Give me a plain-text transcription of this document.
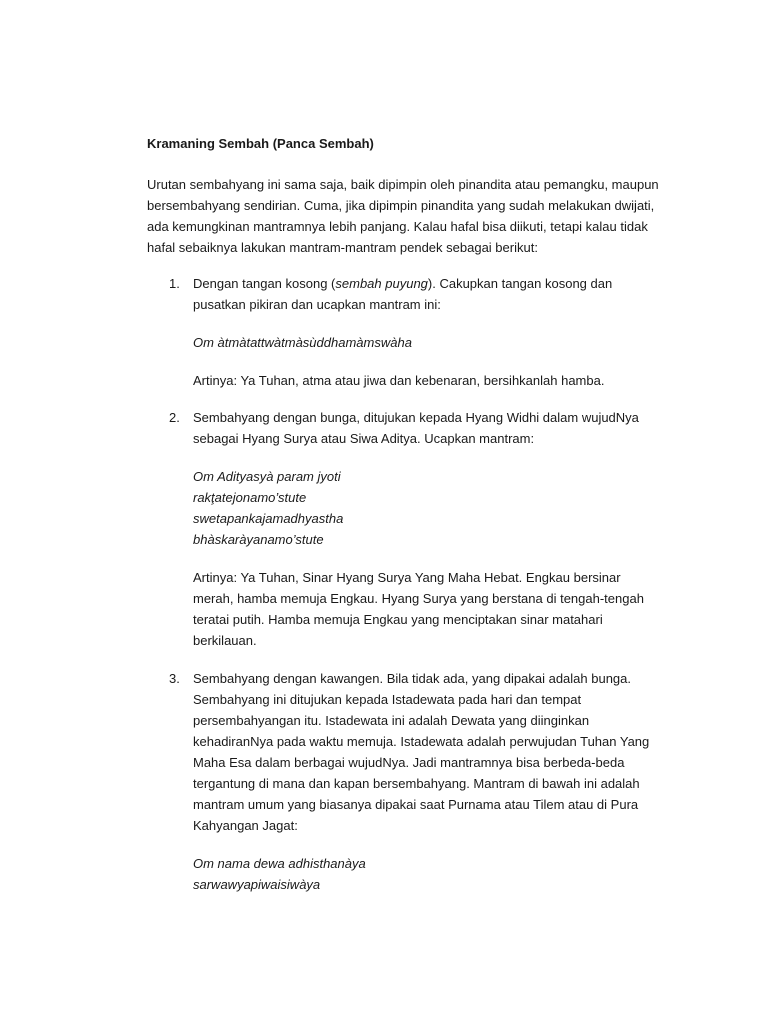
Kramaning Sembah (Panca Sembah)
Urutan sembahyang ini sama saja, baik dipimpin oleh pinandita atau pemangku, maupun
bersembahyang sendirian. Cuma, jika dipimpin pinandita yang sudah melakukan dwijati,
ada kemungkinan mantramnya lebih panjang. Kalau hafal bisa diikuti, tetapi kalau tidak
hafal sebaiknya lakukan mantram-mantram pendek sebagai berikut:
1. Dengan tangan kosong (sembah puyung). Cakupkan tangan kosong dan

pusatkan pikiran dan ucapkan mantram ini:

Om àtmàtattwàtmàsùddhamàmswàha

Artinya: Ya Tuhan, atma atau jiwa dan kebenaran, bersihkanlah hamba.

2. Sembahyang dengan bunga, ditujukan kepada Hyang Widhi dalam wujudNya

sebagai Hyang Surya atau Siwa Aditya. Ucapkan mantram:

Om Adityasyà param jyoti

rakţatejonamo’stute

swetapankajamadhyastha

bhàskaràyanamo’stute

Artinya: Ya Tuhan, Sinar Hyang Surya Yang Maha Hebat. Engkau bersinar

merah, hamba memuja Engkau. Hyang Surya yang berstana di tengah-tengah

teratai putih. Hamba memuja Engkau yang menciptakan sinar matahari

berkilauan.

3. Sembahyang dengan kawangen. Bila tidak ada, yang dipakai adalah bunga.

Sembahyang ini ditujukan kepada Istadewata pada hari dan tempat

persembahyangan itu. Istadewata ini adalah Dewata yang diinginkan

kehadiranNya pada waktu memuja. Istadewata adalah perwujudan Tuhan Yang

Maha Esa dalam berbagai wujudNya. Jadi mantramnya bisa berbeda-beda

tergantung di mana dan kapan bersembahyang. Mantram di bawah ini adalah

mantram umum yang biasanya dipakai saat Purnama atau Tilem atau di Pura

Kahyangan Jagat:

Om nama dewa adhisthanàya

sarwawyapiwaisiwàya
